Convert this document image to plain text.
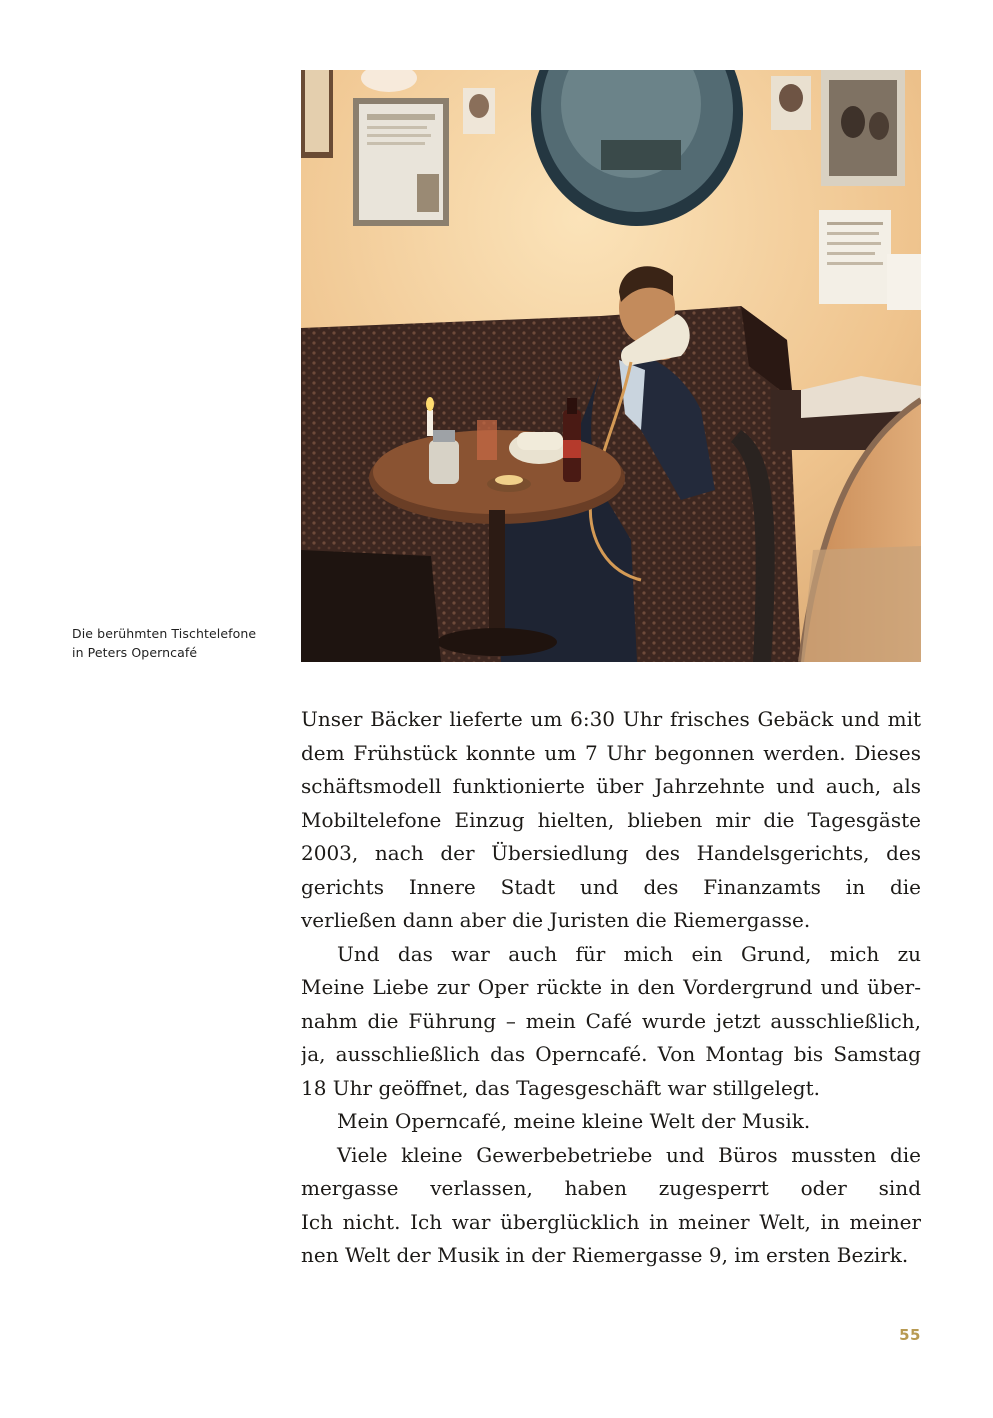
Die berühmten Tischtelefone
in Peters Operncafé
Unser Bäcker lieferte um 6:30 Uhr frisches Gebäck und mit
dem Frühstück konnte um 7 Uhr begonnen werden. Dieses
schäftsmodell funktionierte über Jahrzehnte und auch, als
Mobiltelefone Einzug hielten, blieben mir die Tagesgäste
2003, nach der Übersiedlung des Handelsgerichts, des
gerichts Innere Stadt und des Finanzamts in die
verließen dann aber die Juristen die Riemergasse.
Und das war auch für mich ein Grund, mich zu
Meine Liebe zur Oper rückte in den Vordergrund und über-
nahm die Führung – mein Café wurde jetzt ausschließlich,
ja, ausschließlich das Operncafé. Von Montag bis Samstag
18 Uhr geöffnet, das Tagesgeschäft war stillgelegt.
Mein Operncafé, meine kleine Welt der Musik.
Viele kleine Gewerbebetriebe und Büros mussten die
mergasse verlassen, haben zugesperrt oder sind
Ich nicht. Ich war überglücklich in meiner Welt, in meiner
nen Welt der Musik in der Riemergasse 9, im ersten Bezirk.
55
